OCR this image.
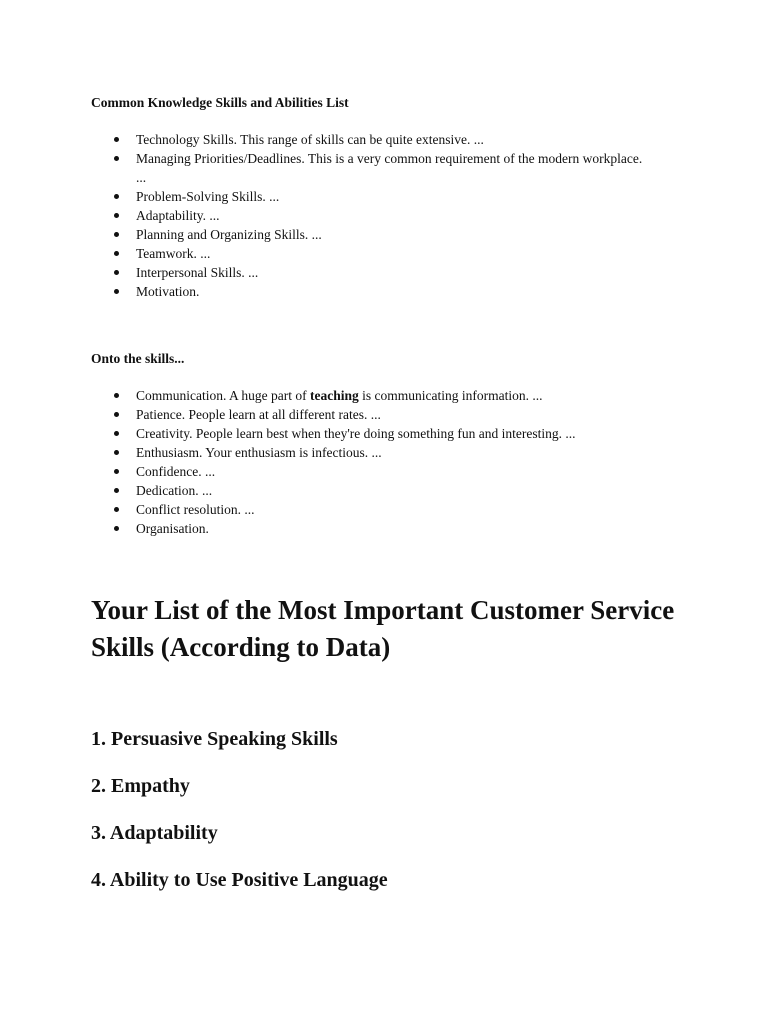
Common Knowledge Skills and Abilities List
Technology Skills. This range of skills can be quite extensive. ...
Managing Priorities/Deadlines. This is a very common requirement of the modern workplace. ...
Problem-Solving Skills. ...
Adaptability. ...
Planning and Organizing Skills. ...
Teamwork. ...
Interpersonal Skills. ...
Motivation.
Onto the skills...
Communication. A huge part of teaching is communicating information. ...
Patience. People learn at all different rates. ...
Creativity. People learn best when they're doing something fun and interesting. ...
Enthusiasm. Your enthusiasm is infectious. ...
Confidence. ...
Dedication. ...
Conflict resolution. ...
Organisation.
Your List of the Most Important Customer Service Skills (According to Data)
1. Persuasive Speaking Skills
2. Empathy
3. Adaptability
4. Ability to Use Positive Language
